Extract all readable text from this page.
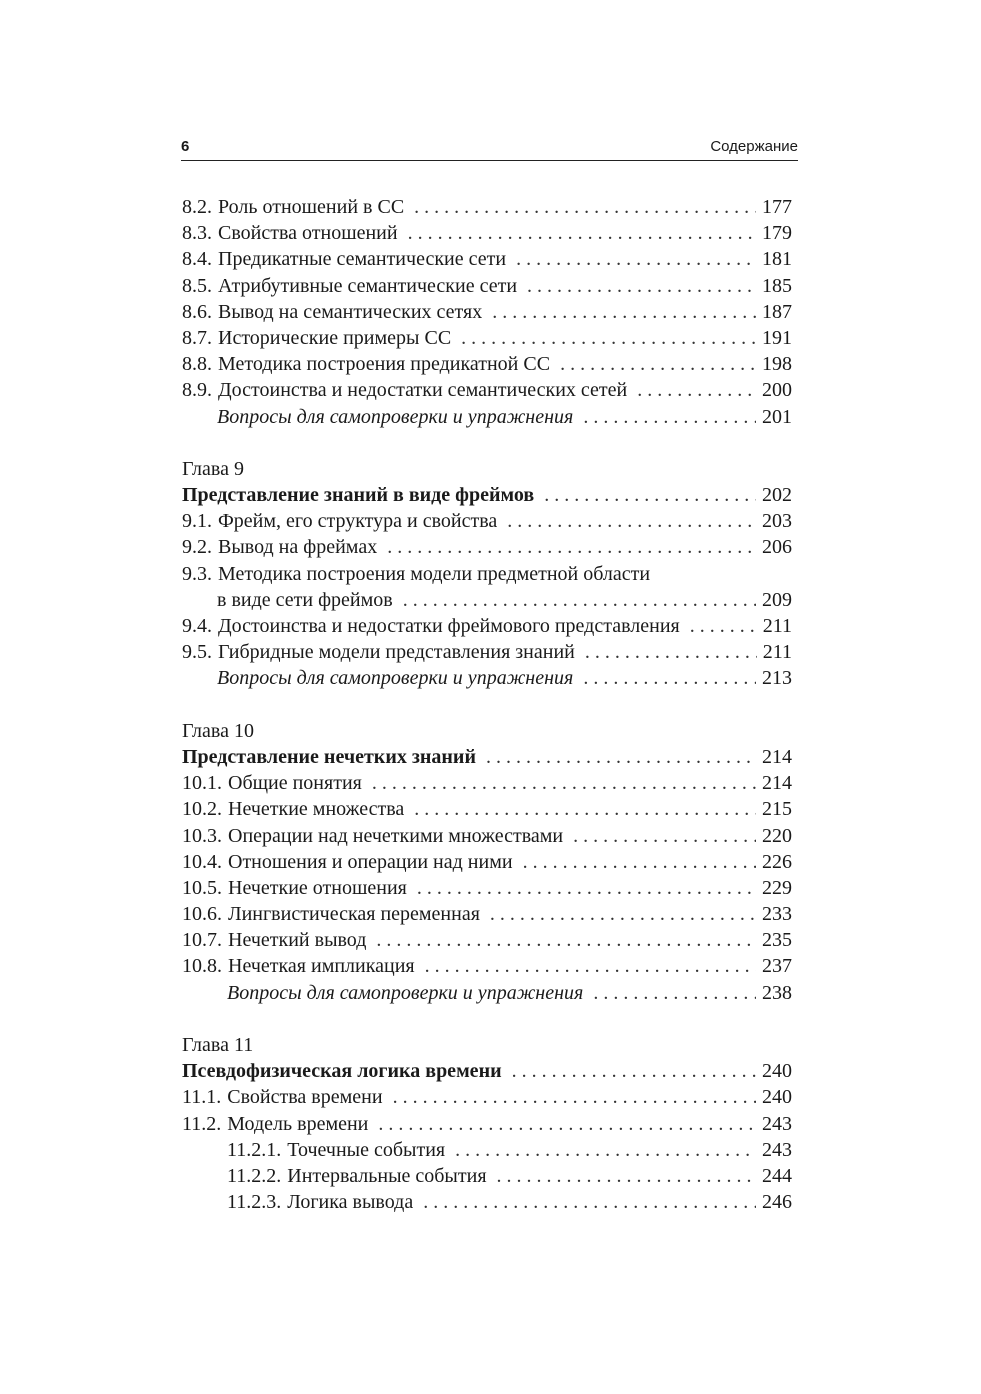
6	Содержание
8.2. Роль отношений в СС . . .	177
8.3. Свойства отношений . . .	179
8.4. Предикатные семантические сети . . .	181
8.5. Атрибутивные семантические сети . . .	185
8.6. Вывод на семантических сетях . . .	187
8.7. Исторические примеры СС . . .	191
8.8. Методика построения предикатной СС . . .	198
8.9. Достоинства и недостатки семантических сетей . . .	200
Вопросы для самопроверки и упражнения . . .	201
Глава 9
Представление знаний в виде фреймов . . .	202
9.1. Фрейм, его структура и свойства . . .	203
9.2. Вывод на фреймах . . .	206
9.3. Методика построения модели предметной области
в виде сети фреймов . . .	209
9.4. Достоинства и недостатки фреймового представления . . .	211
9.5. Гибридные модели представления знаний . . .	211
Вопросы для самопроверки и упражнения . . .	213
Глава 10
Представление нечетких знаний . . .	214
10.1. Общие понятия . . .	214
10.2. Нечеткие множества . . .	215
10.3. Операции над нечеткими множествами . . .	220
10.4. Отношения и операции над ними . . .	226
10.5. Нечеткие отношения . . .	229
10.6. Лингвистическая переменная . . .	233
10.7. Нечеткий вывод . . .	235
10.8. Нечеткая импликация . . .	237
Вопросы для самопроверки и упражнения . . .	238
Глава 11
Псевдофизическая логика времени . . .	240
11.1. Свойства времени . . .	240
11.2. Модель времени . . .	243
11.2.1. Точечные события . . .	243
11.2.2. Интервальные события . . .	244
11.2.3. Логика вывода . . .	246
